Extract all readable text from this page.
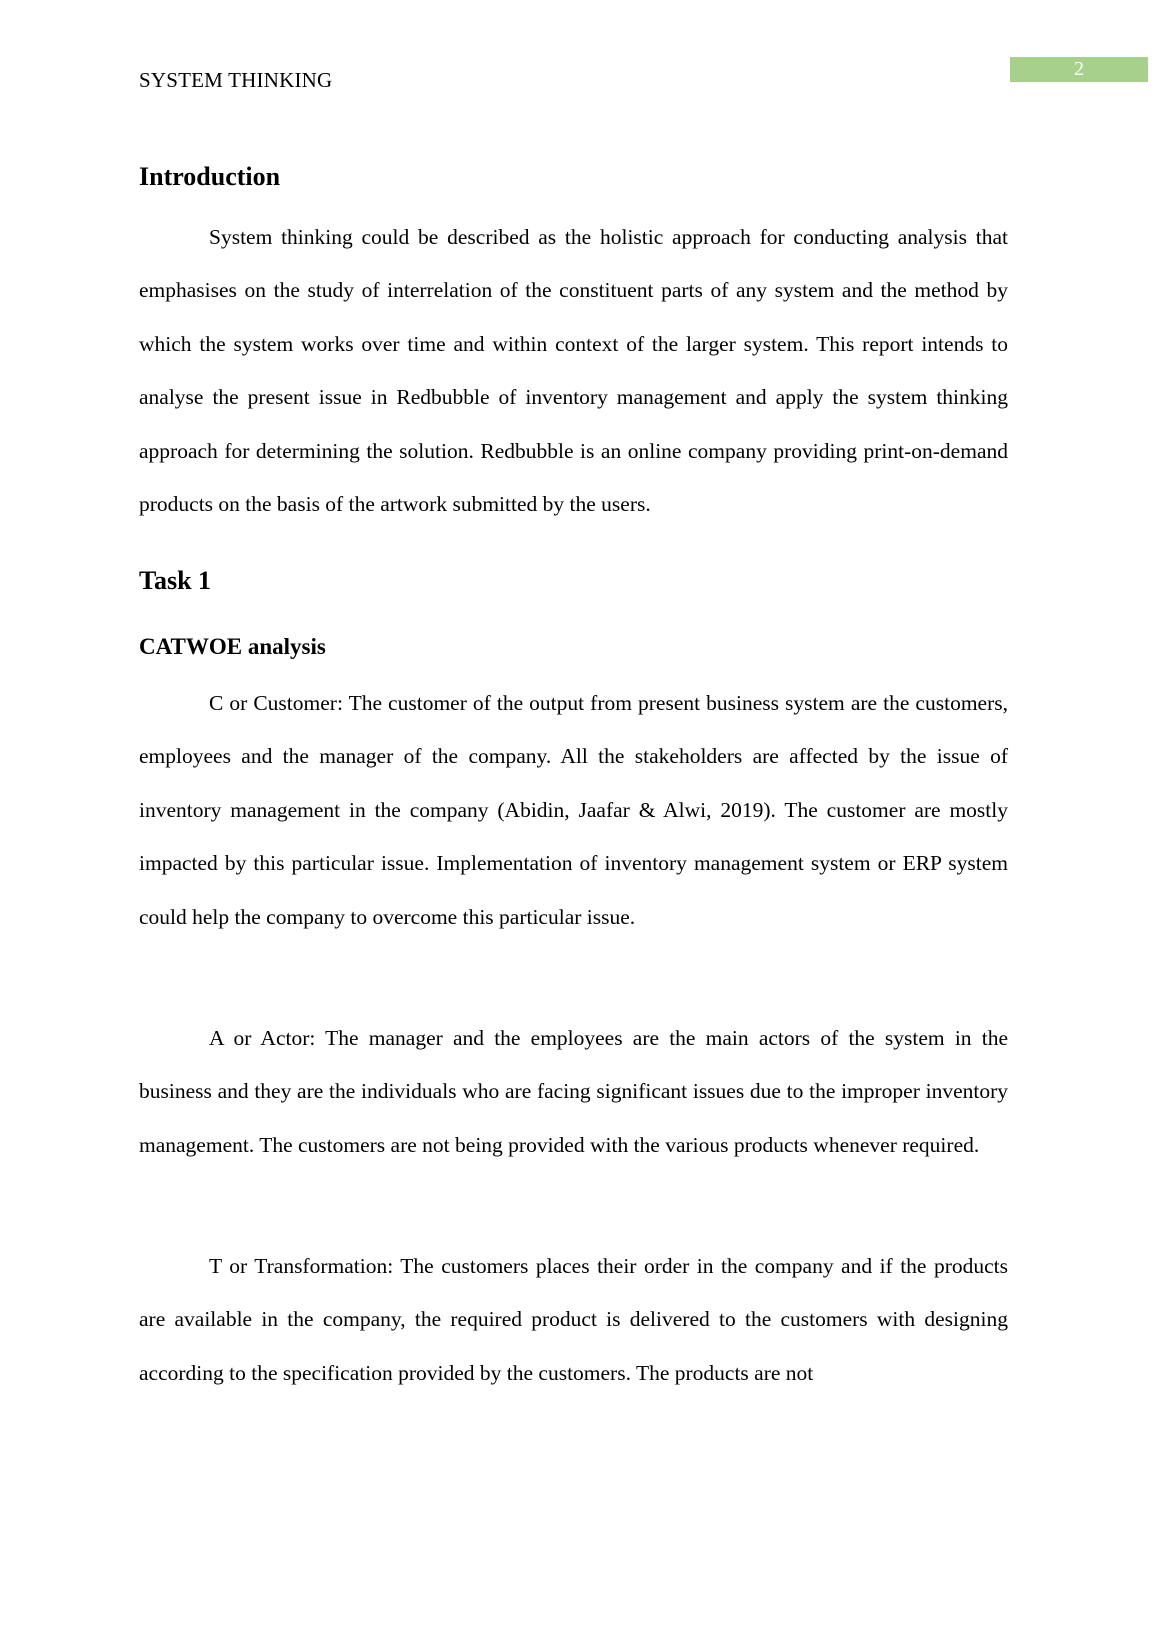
SYSTEM THINKING	2
Introduction

System thinking could be described as the holistic approach for conducting analysis that emphasises on the study of interrelation of the constituent parts of any system and the method by which the system works over time and within context of the larger system. This report intends to analyse the present issue in Redbubble of inventory management and apply the system thinking approach for determining the solution. Redbubble is an online company providing print-on-demand products on the basis of the artwork submitted by the users.

Task 1
CATWOE analysis

C or Customer: The customer of the output from present business system are the customers, employees and the manager of the company. All the stakeholders are affected by the issue of inventory management in the company (Abidin, Jaafar & Alwi, 2019). The customer are mostly impacted by this particular issue. Implementation of inventory management system or ERP system could help the company to overcome this particular issue.

A or Actor: The manager and the employees are the main actors of the system in the business and they are the individuals who are facing significant issues due to the improper inventory management. The customers are not being provided with the various products whenever required.

T or Transformation: The customers places their order in the company and if the products are available in the company, the required product is delivered to the customers with designing according to the specification provided by the customers. The products are not
